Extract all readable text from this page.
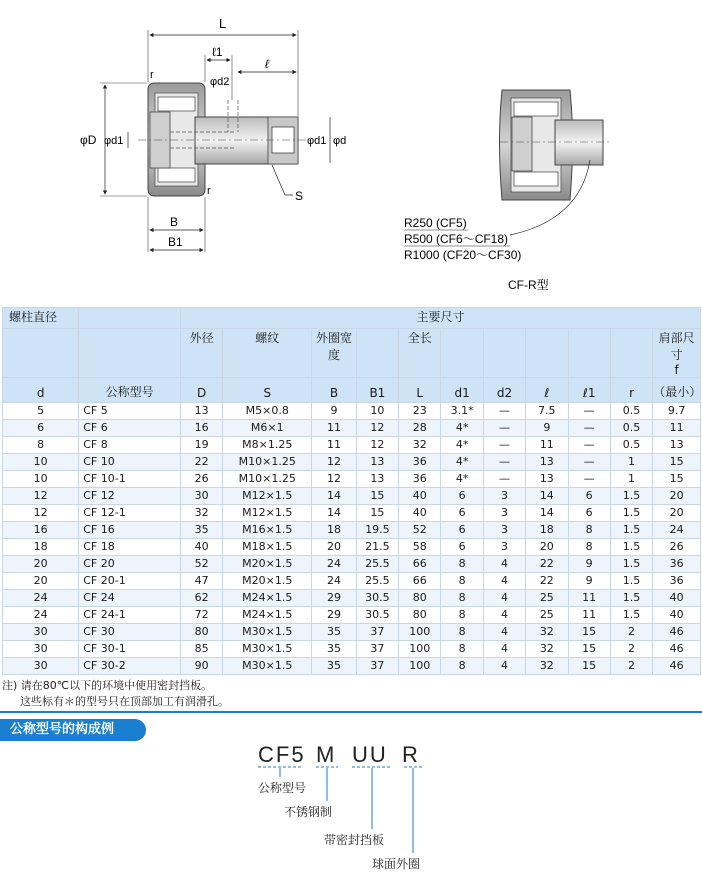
L
ℓ1
ℓ
φd2
r
r
φD φd1	φd1 φd
S
B
B1
R250 (CF5)
R500 (CF6～CF18)
R1000 (CF20～CF30)
CF-R型
螺柱直径		主要尺寸										
		外径	螺纹	外圈宽度		全长						肩部尺寸
f
d	公称型号	D	S	B	B1	L	d1	d2	ℓ	ℓ1	r	（最小）
5	CF 5	13	M5×0.8	9	10	23	3.1*	—	7.5	—	0.5	9.7
6	CF 6	16	M6×1	11	12	28	4*	—	9	—	0.5	11
8	CF 8	19	M8×1.25	11	12	32	4*	—	11	—	0.5	13
10	CF 10	22	M10×1.25	12	13	36	4*	—	13	—	1	15
10	CF 10-1	26	M10×1.25	12	13	36	4*	—	13	—	1	15
12	CF 12	30	M12×1.5	14	15	40	6	3	14	6	1.5	20
12	CF 12-1	32	M12×1.5	14	15	40	6	3	14	6	1.5	20
16	CF 16	35	M16×1.5	18	19.5	52	6	3	18	8	1.5	24
18	CF 18	40	M18×1.5	20	21.5	58	6	3	20	8	1.5	26
20	CF 20	52	M20×1.5	24	25.5	66	8	4	22	9	1.5	36
20	CF 20-1	47	M20×1.5	24	25.5	66	8	4	22	9	1.5	36
24	CF 24	62	M24×1.5	29	30.5	80	8	4	25	11	1.5	40
24	CF 24-1	72	M24×1.5	29	30.5	80	8	4	25	11	1.5	40
30	CF 30	80	M30×1.5	35	37	100	8	4	32	15	2	46
30	CF 30-1	85	M30×1.5	35	37	100	8	4	32	15	2	46
30	CF 30-2	90	M30×1.5	35	37	100	8	4	32	15	2	46
注) 请在80℃以下的环境中使用密封挡板。
这些标有＊的型号只在顶部加工有润滑孔。
公称型号的构成例
CF5 M UU R
公称型号
不锈钢制
带密封挡板
球面外圈
